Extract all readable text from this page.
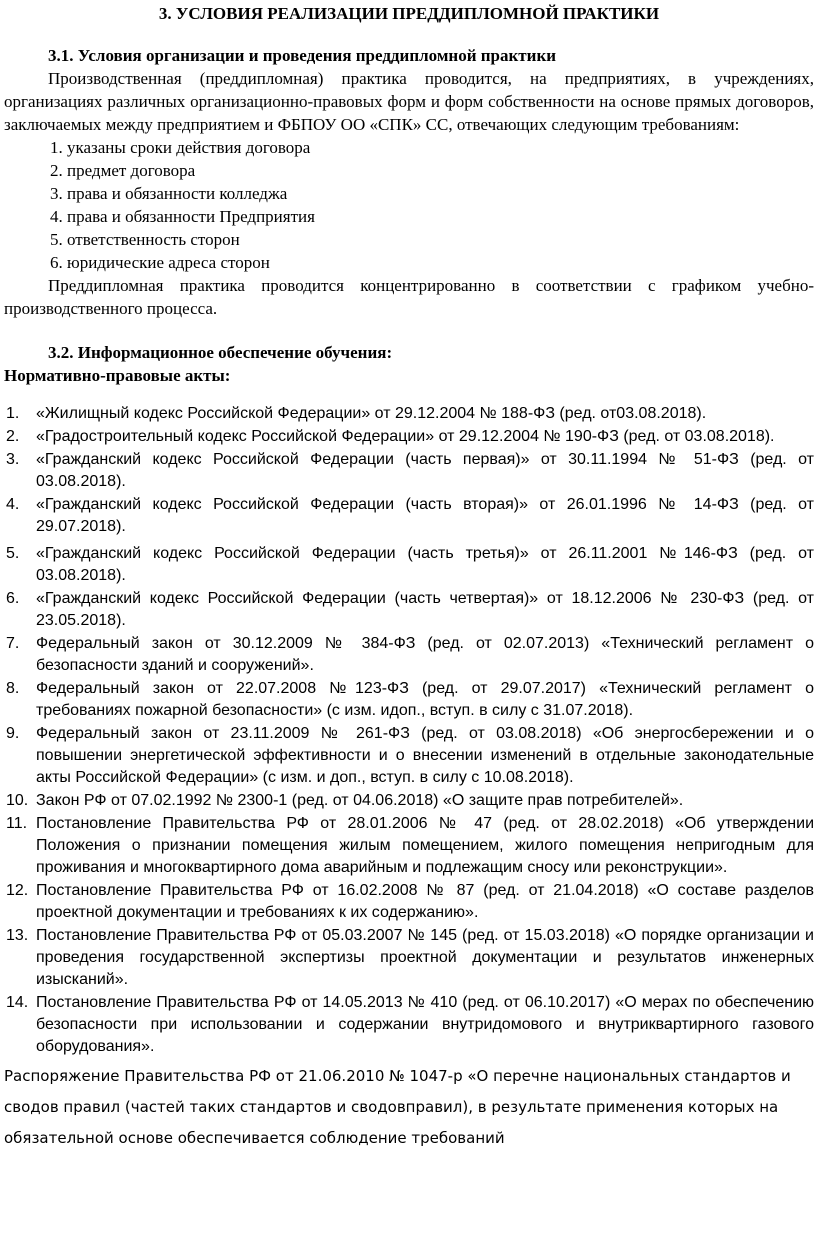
3. УСЛОВИЯ РЕАЛИЗАЦИИ ПРЕДДИПЛОМНОЙ ПРАКТИКИ
3.1. Условия организации и проведения преддипломной практики

Производственная (преддипломная) практика проводится, на предприятиях, в учреждениях, организациях различных организационно-правовых форм и форм собственности на основе прямых договоров, заключаемых между предприятием и ФБПОУ ОО «СПК» СС, отвечающих следующим требованиям:

1. указаны сроки действия договора
2. предмет договора
3. права и обязанности колледжа
4. права и обязанности Предприятия
5. ответственность сторон
6. юридические адреса сторон

Преддипломная практика проводится концентрированно в соответствии с графиком учебно-производственного процесса.

3.2. Информационное обеспечение обучения:
Нормативно-правовые акты:
1. «Жилищный кодекс Российской Федерации» от 29.12.2004 № 188-ФЗ (ред. от03.08.2018).
2. «Градостроительный кодекс Российской Федерации» от 29.12.2004 № 190-ФЗ (ред. от 03.08.2018).
3. «Гражданский кодекс Российской Федерации (часть первая)» от 30.11.1994 № 51-ФЗ (ред. от 03.08.2018).
4. «Гражданский кодекс Российской Федерации (часть вторая)» от 26.01.1996 № 14-ФЗ (ред. от 29.07.2018).
5. «Гражданский кодекс Российской Федерации (часть третья)» от 26.11.2001 №146-ФЗ (ред. от 03.08.2018).
6. «Гражданский кодекс Российской Федерации (часть четвертая)» от 18.12.2006 № 230-ФЗ (ред. от 23.05.2018).
7. Федеральный закон от 30.12.2009 № 384-ФЗ (ред. от 02.07.2013) «Технический регламент о безопасности зданий и сооружений».
8. Федеральный закон от 22.07.2008 №123-ФЗ (ред. от 29.07.2017) «Технический регламент о требованиях пожарной безопасности» (с изм. идоп., вступ. в силу с 31.07.2018).
9. Федеральный закон от 23.11.2009 № 261-ФЗ (ред. от 03.08.2018) «Об энергосбережении и о повышении энергетической эффективности и о внесении изменений в отдельные законодательные акты Российской Федерации» (с изм. и доп., вступ. в силу с 10.08.2018).
10. Закон РФ от 07.02.1992 № 2300-1 (ред. от 04.06.2018) «О защите прав потребителей».
11. Постановление Правительства РФ от 28.01.2006 № 47 (ред. от 28.02.2018) «Об утверждении Положения о признании помещения жилым помещением, жилого помещения непригодным для проживания и многоквартирного дома аварийным и подлежащим сносу или реконструкции».
12. Постановление Правительства РФ от 16.02.2008 № 87 (ред. от 21.04.2018) «О составе разделов проектной документации и требованиях к их содержанию».
13. Постановление Правительства РФ от 05.03.2007 № 145 (ред. от 15.03.2018) «О порядке организации и проведения государственной экспертизы проектной документации и результатов инженерных изысканий».
14. Постановление Правительства РФ от 14.05.2013 № 410 (ред. от 06.10.2017) «О мерах по обеспечению безопасности при использовании и содержании внутридомового и внутриквартирного газового оборудования».

Распоряжение Правительства РФ от 21.06.2010 № 1047-р «О перечне национальных стандартов и сводов правил (частей таких стандартов и сводовправил), в результате применения которых на обязательной основе обеспечивается соблюдение требований
